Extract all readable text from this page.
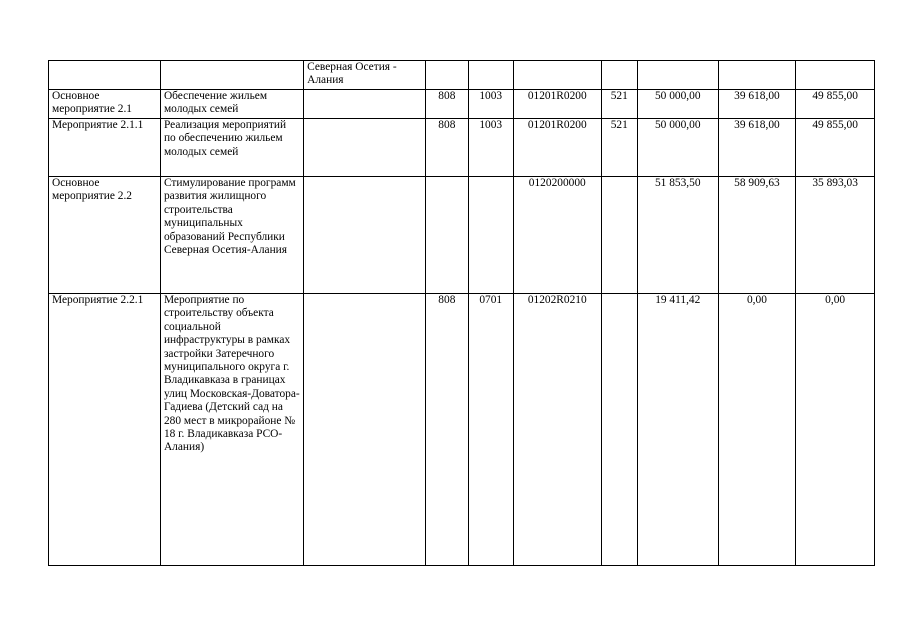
		Северная Осетия - Алания							
Основное мероприятие 2.1	Обеспечение жильем молодых семей		808	1003	01201R0200	521	50 000,00	39 618,00	49 855,00
Мероприятие 2.1.1	Реализация мероприятий по обеспечению жильем молодых семей		808	1003	01201R0200	521	50 000,00	39 618,00	49 855,00
Основное мероприятие 2.2	Стимулирование программ развития жилищного строительства муниципальных образований Республики Северная Осетия-Алания				0120200000		51 853,50	58 909,63	35 893,03
Мероприятие 2.2.1	Мероприятие по строительству объекта социальной инфраструктуры в рамках застройки Затеречного муниципального округа г. Владикавказа в границах улиц Московская-Доватора-Гадиева (Детский сад на 280 мест в микрорайоне № 18 г. Владикавказа РСО-Алания)		808	0701	01202R0210		19 411,42	0,00	0,00
